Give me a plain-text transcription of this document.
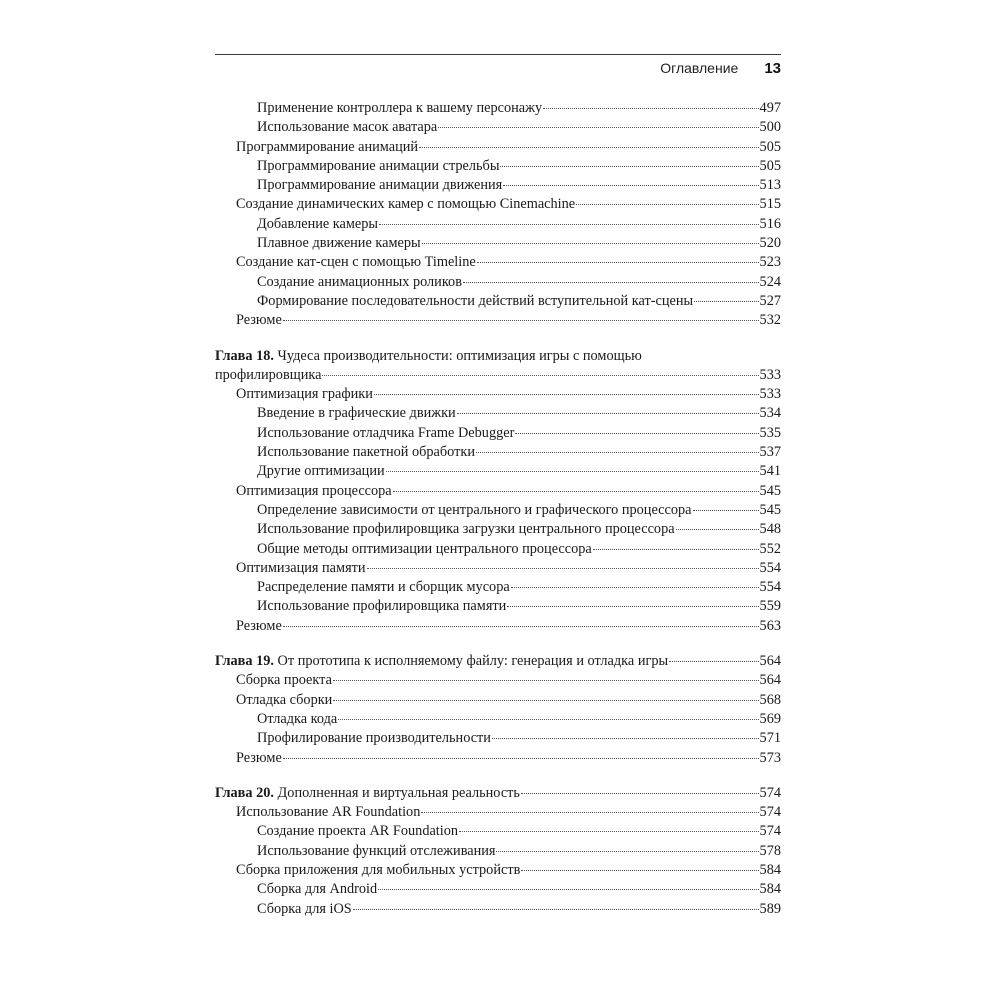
Оглавление 13
Применение контроллера к вашему персонажу	497
Использование масок аватара	500
Программирование анимаций	505
Программирование анимации стрельбы	505
Программирование анимации движения	513
Создание динамических камер с помощью Cinemachine	515
Добавление камеры	516
Плавное движение камеры	520
Создание кат-сцен с помощью Timeline	523
Создание анимационных роликов	524
Формирование последовательности действий вступительной кат-сцены	527
Резюме	532
Глава 18. Чудеса производительности: оптимизация игры с помощью
профилировщика	533
Оптимизация графики	533
Введение в графические движки	534
Использование отладчика Frame Debugger	535
Использование пакетной обработки	537
Другие оптимизации	541
Оптимизация процессора	545
Определение зависимости от центрального и графического процессора	545
Использование профилировщика загрузки центрального процессора	548
Общие методы оптимизации центрального процессора	552
Оптимизация памяти	554
Распределение памяти и сборщик мусора	554
Использование профилировщика памяти	559
Резюме	563
Глава 19. От прототипа к исполняемому файлу: генерация и отладка игры	564
Сборка проекта	564
Отладка сборки	568
Отладка кода	569
Профилирование производительности	571
Резюме	573
Глава 20. Дополненная и виртуальная реальность	574
Использование AR Foundation	574
Создание проекта AR Foundation	574
Использование функций отслеживания	578
Сборка приложения для мобильных устройств	584
Сборка для Android	584
Сборка для iOS	589
